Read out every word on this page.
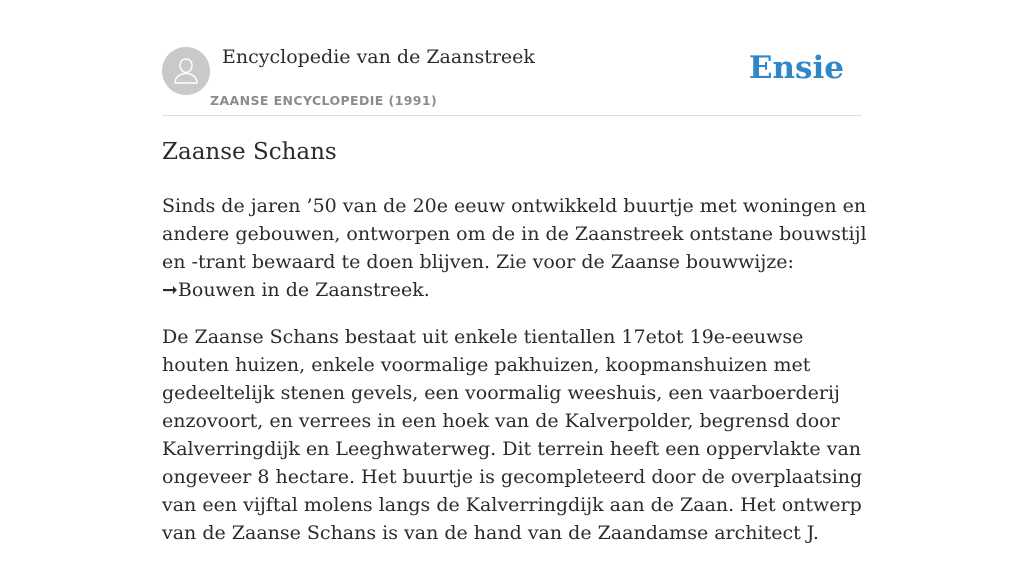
Encyclopedie van de Zaanstreek
ZAANSE ENCYCLOPEDIE (1991)
Ensie
Zaanse Schans

Sinds de jaren ’50 van de 20e eeuw ontwikkeld buurtje met woningen en andere gebouwen, ontworpen om de in de Zaanstreek ontstane bouwstijl en -trant bewaard te doen blijven. Zie voor de Zaanse bouwwijze: ➞Bouwen in de Zaanstreek.

De Zaanse Schans bestaat uit enkele tientallen 17etot 19e-eeuwse houten huizen, enkele voormalige pakhuizen, koopmanshuizen met gedeeltelijk stenen gevels, een voormalig weeshuis, een vaarboerderij enzovoort, en verrees in een hoek van de Kalverpolder, begrensd door Kalverringdijk en Leeghwaterweg. Dit terrein heeft een oppervlakte van ongeveer 8 hectare. Het buurtje is gecompleteerd door de overplaatsing van een vijftal molens langs de Kalverringdijk aan de Zaan. Het ontwerp van de Zaanse Schans is van de hand van de Zaandamse architect J.
